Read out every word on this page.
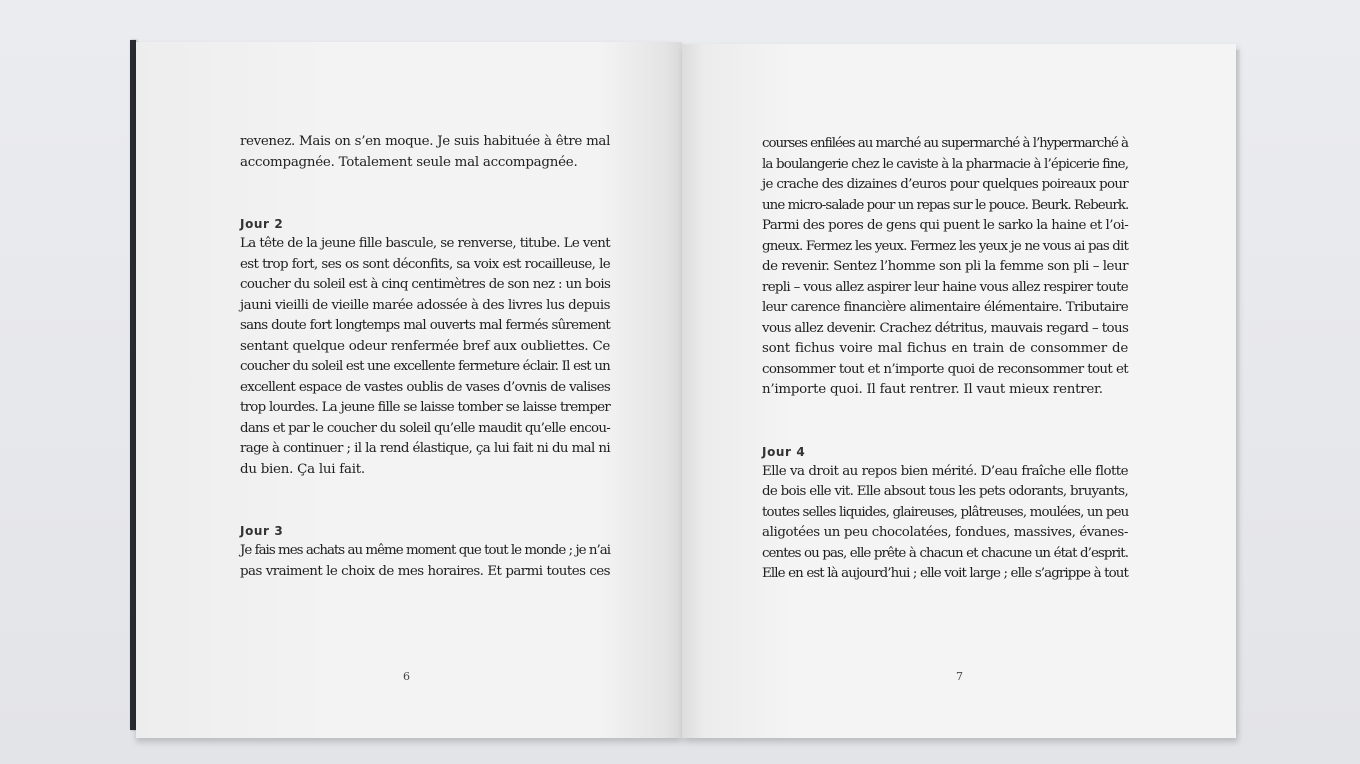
revenez. Mais on s’en moque. Je suis habituée à être mal
accompagnée. Totalement seule mal accompagnée.

Jour 2

La tête de la jeune fille bascule, se renverse, titube. Le vent
est trop fort, ses os sont déconfits, sa voix est rocailleuse, le
coucher du soleil est à cinq centimètres de son nez : un bois
jauni vieilli de vieille marée adossée à des livres lus depuis
sans doute fort longtemps mal ouverts mal fermés sûrement
sentant quelque odeur renfermée bref aux oubliettes. Ce
coucher du soleil est une excellente fermeture éclair. Il est un
excellent espace de vastes oublis de vases d’ovnis de valises
trop lourdes. La jeune fille se laisse tomber se laisse tremper
dans et par le coucher du soleil qu’elle maudit qu’elle encou-
rage à continuer ; il la rend élastique, ça lui fait ni du mal ni
du bien. Ça lui fait.

Jour 3

Je fais mes achats au même moment que tout le monde ; je n’ai
pas vraiment le choix de mes horaires. Et parmi toutes ces

6

courses enfilées au marché au supermarché à l’hypermarché à
la boulangerie chez le caviste à la pharmacie à l’épicerie fine,
je crache des dizaines d’euros pour quelques poireaux pour
une micro-salade pour un repas sur le pouce. Beurk. Rebeurk.
Parmi des pores de gens qui puent le sarko la haine et l’oi-
gneux. Fermez les yeux. Fermez les yeux je ne vous ai pas dit
de revenir. Sentez l’homme son pli la femme son pli – leur
repli – vous allez aspirer leur haine vous allez respirer toute
leur carence financière alimentaire élémentaire. Tributaire
vous allez devenir. Crachez détritus, mauvais regard – tous
sont fichus voire mal fichus en train de consommer de
consommer tout et n’importe quoi de reconsommer tout et
n’importe quoi. Il faut rentrer. Il vaut mieux rentrer.

Jour 4

Elle va droit au repos bien mérité. D’eau fraîche elle flotte
de bois elle vit. Elle absout tous les pets odorants, bruyants,
toutes selles liquides, glaireuses, plâtreuses, moulées, un peu
aligotées un peu chocolatées, fondues, massives, évanes-
centes ou pas, elle prête à chacun et chacune un état d’esprit.
Elle en est là aujourd’hui ; elle voit large ; elle s’agrippe à tout

7
